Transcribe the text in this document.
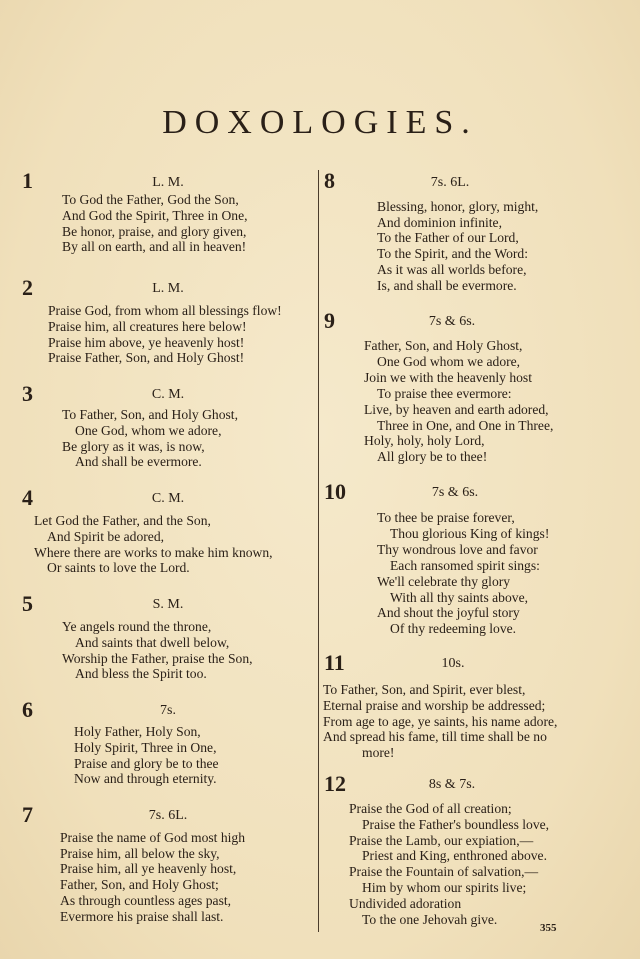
DOXOLOGIES.
1	L. M.
To God the Father, God the Son,
And God the Spirit, Three in One,
Be honor, praise, and glory given,
By all on earth, and all in heaven!
2	L. M.
Praise God, from whom all blessings flow!
Praise him, all creatures here below!
Praise him above, ye heavenly host!
Praise Father, Son, and Holy Ghost!
3	C. M.
To Father, Son, and Holy Ghost,
One God, whom we adore,
Be glory as it was, is now,
And shall be evermore.
4	C. M.
Let God the Father, and the Son,
And Spirit be adored,
Where there are works to make him known,
Or saints to love the Lord.
5	S. M.
Ye angels round the throne,
And saints that dwell below,
Worship the Father, praise the Son,
And bless the Spirit too.
6	7s.
Holy Father, Holy Son,
Holy Spirit, Three in One,
Praise and glory be to thee
Now and through eternity.
7	7s. 6L.
Praise the name of God most high
Praise him, all below the sky,
Praise him, all ye heavenly host,
Father, Son, and Holy Ghost;
As through countless ages past,
Evermore his praise shall last.
8	7s. 6L.
Blessing, honor, glory, might,
And dominion infinite,
To the Father of our Lord,
To the Spirit, and the Word:
As it was all worlds before,
Is, and shall be evermore.
9	7s & 6s.
Father, Son, and Holy Ghost,
One God whom we adore,
Join we with the heavenly host
To praise thee evermore:
Live, by heaven and earth adored,
Three in One, and One in Three,
Holy, holy, holy Lord,
All glory be to thee!
10	7s & 6s.
To thee be praise forever,
Thou glorious King of kings!
Thy wondrous love and favor
Each ransomed spirit sings:
We'll celebrate thy glory
With all thy saints above,
And shout the joyful story
Of thy redeeming love.
11	10s.
To Father, Son, and Spirit, ever blest,
Eternal praise and worship be addressed;
From age to age, ye saints, his name adore,
And spread his fame, till time shall be no
more!
12	8s & 7s.
Praise the God of all creation;
Praise the Father's boundless love,
Praise the Lamb, our expiation,—
Priest and King, enthroned above.
Praise the Fountain of salvation,—
Him by whom our spirits live;
Undivided adoration
To the one Jehovah give.
355
